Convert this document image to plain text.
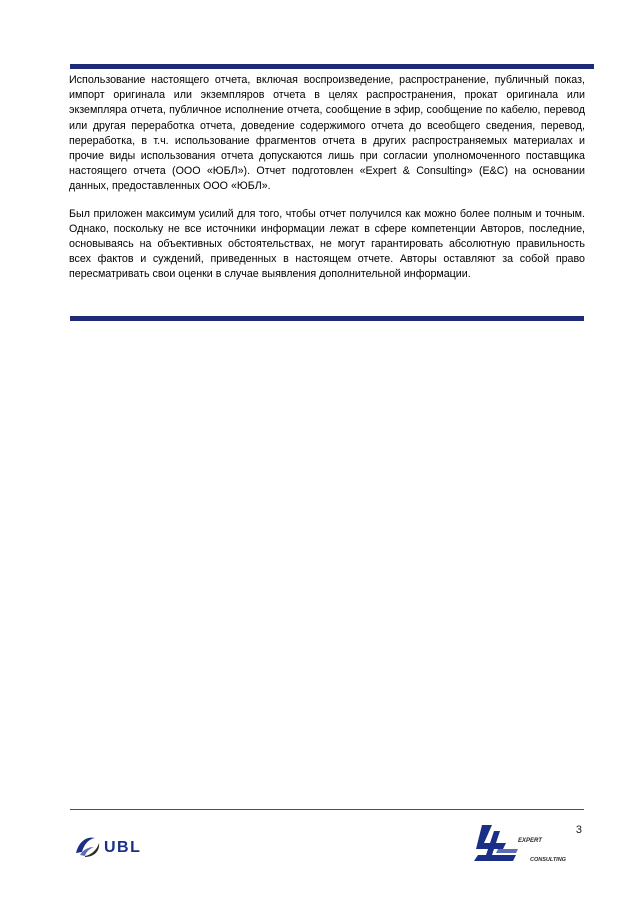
Использование настоящего отчета, включая воспроизведение, распространение, публичный показ, импорт оригинала или экземпляров отчета в целях распространения, прокат оригинала или экземпляра отчета, публичное исполнение отчета, сообщение в эфир, сообщение по кабелю, перевод или другая переработка отчета, доведение содержимого отчета до всеобщего сведения, перевод, переработка, в т.ч. использование фрагментов отчета в других распространяемых материалах и прочие виды использования отчета допускаются лишь при согласии уполномоченного поставщика настоящего отчета (ООО «ЮБЛ»). Отчет подготовлен «Expert & Consulting» (E&C) на основании данных, предоставленных ООО «ЮБЛ».

Был приложен максимум усилий для того, чтобы отчет получился как можно более полным и точным. Однако, поскольку не все источники информации лежат в сфере компетенции Авторов, последние, основываясь на объективных обстоятельствах, не могут гарантировать абсолютную правильность всех фактов и суждений, приведенных в настоящем отчете. Авторы оставляют за собой право пересматривать свои оценки в случае выявления дополнительной информации.

3
UBL	EXPERT
CONSULTING
